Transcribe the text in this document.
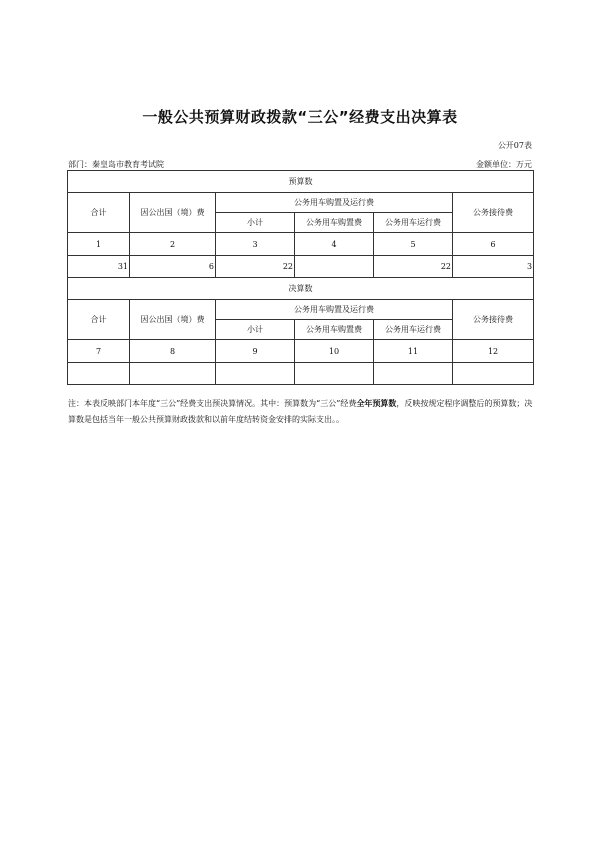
一般公共预算财政拨款“三公”经费支出决算表
公开07表
部门：秦皇岛市教育考试院	金额单位：万元
预算数					
合计	因公出国（境）费	公务用车购置及运行费			公务接待费
		小计	公务用车购置费	公务用车运行费	
1	2	3	4	5	6
31	6	22		22	3
决算数					
合计	因公出国（境）费	公务用车购置及运行费			公务接待费
		小计	公务用车购置费	公务用车运行费	
7	8	9	10	11	12

注：本表反映部门本年度“三公”经费支出预决算情况。其中：预算数为“三公”经费全年预算数，反映按规定程序调整后的预算数；决算数是包括当年一般公共预算财政拨款和以前年度结转资金安排的实际支出。。
